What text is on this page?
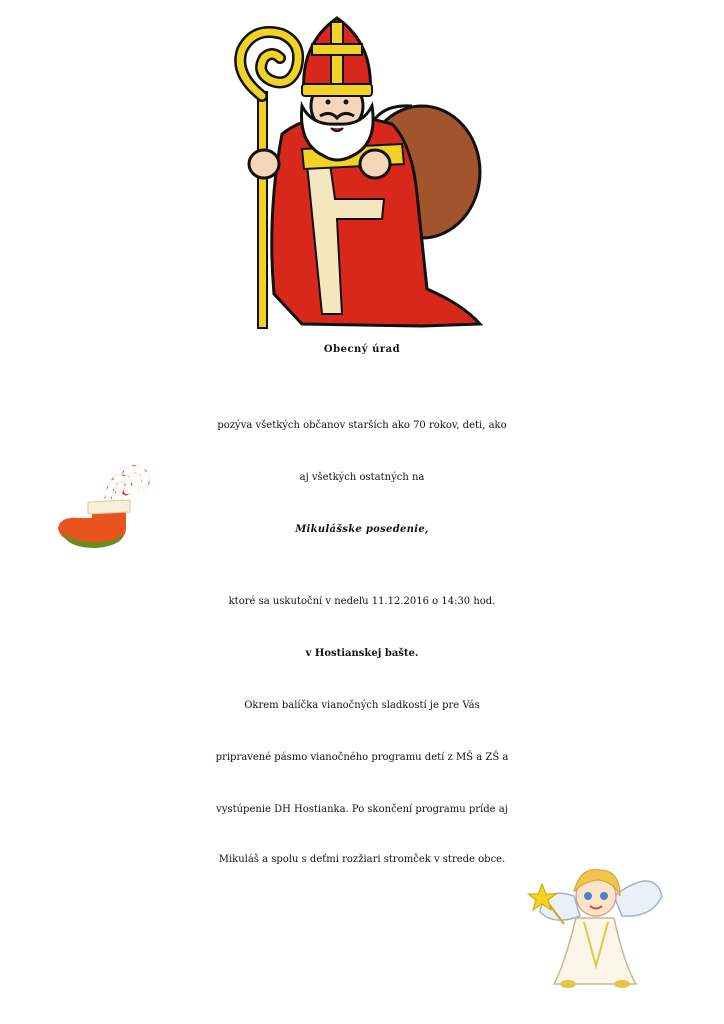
Obecný úrad
pozýva všetkých občanov starších ako 70 rokov, deti, ako
aj všetkých ostatných na
Mikulášske posedenie,
ktoré sa uskutoční v nedeľu 11.12.2016 o 14:30 hod.
v Hostianskej bašte.
Okrem balíčka vianočných sladkostí je pre Vás
pripravené pásmo vianočného programu detí z MŠ a ZŠ a
vystúpenie DH Hostianka. Po skončení programu príde aj
Mikuláš a spolu s deťmi rozžiari stromček v strede obce.
